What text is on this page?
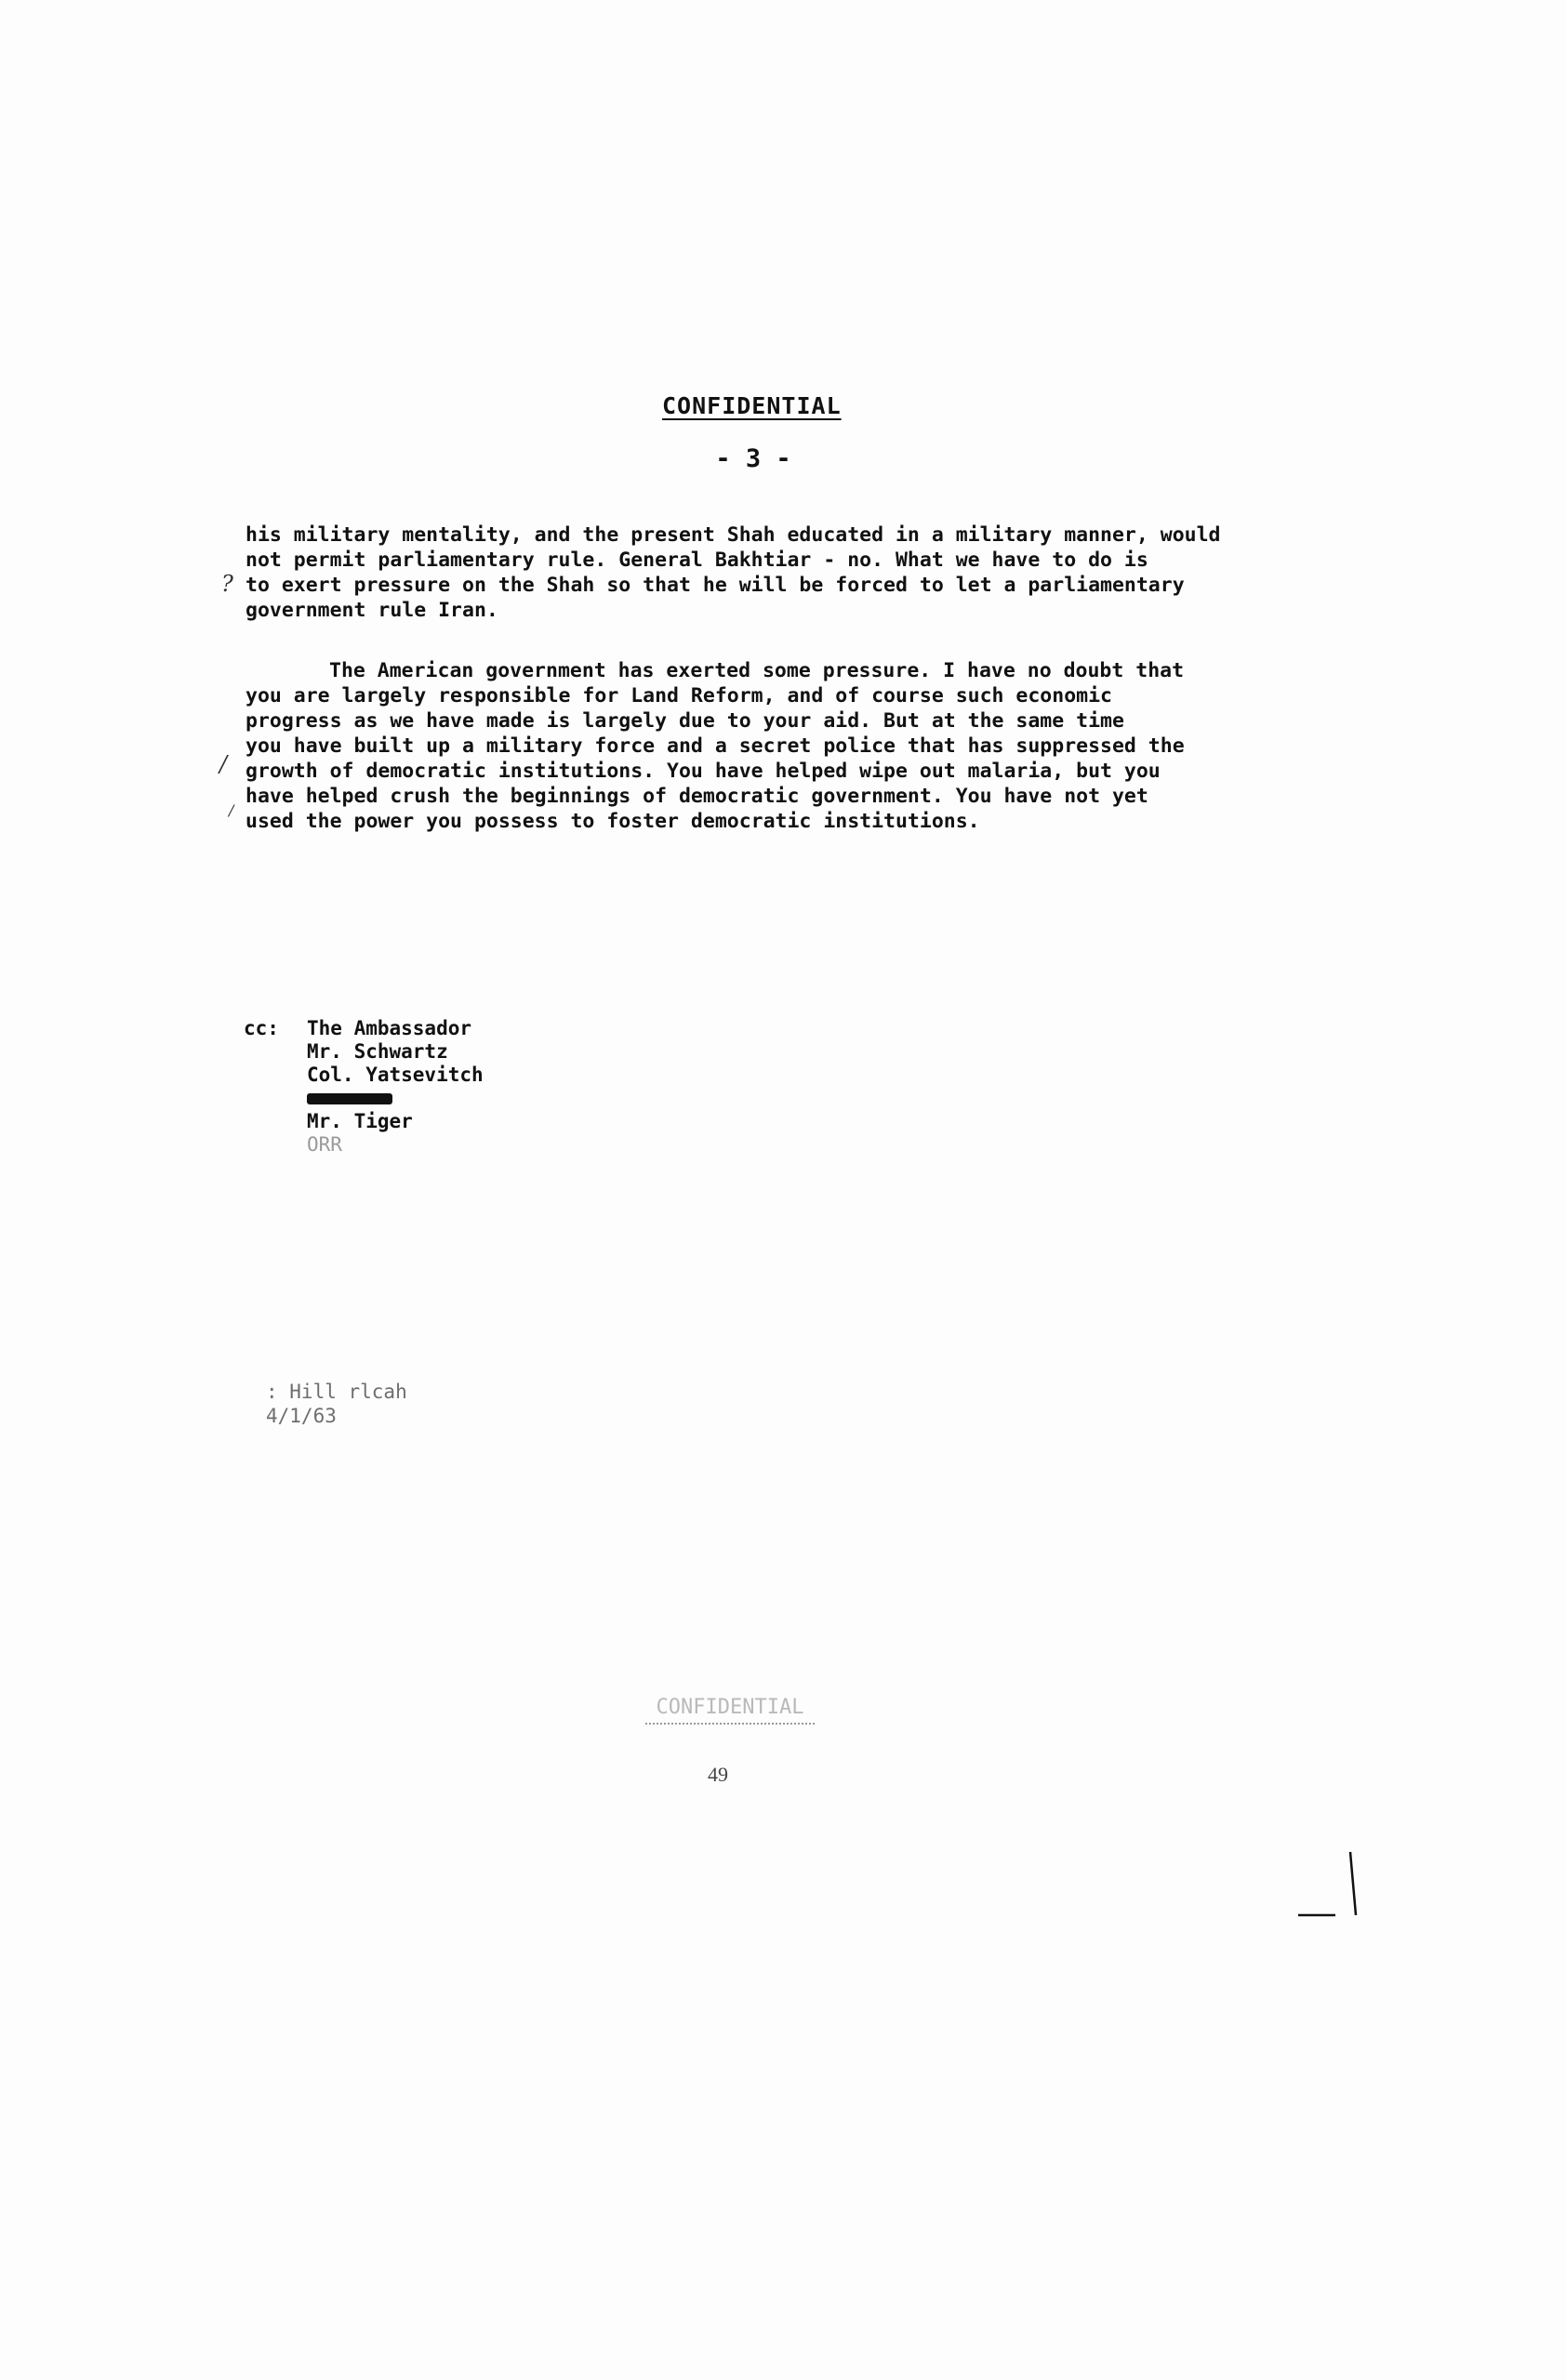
CONFIDENTIAL
- 3 -
his military mentality, and the present Shah educated in a military manner, would
not permit parliamentary rule. General Bakhtiar - no. What we have to do is
to exert pressure on the Shah so that he will be forced to let a parliamentary
government rule Iran.
?
The American government has exerted some pressure. I have no doubt that
you are largely responsible for Land Reform, and of course such economic
progress as we have made is largely due to your aid. But at the same time
you have built up a military force and a secret police that has suppressed the
growth of democratic institutions. You have helped wipe out malaria, but you
have helped crush the beginnings of democratic government. You have not yet
used the power you possess to foster democratic institutions.
/
/
cc: The Ambassador
Mr. Schwartz
Col. Yatsevitch
Mr. Tiger
ORR
: Hill rlcah
4/1/63
CONFIDENTIAL
49
